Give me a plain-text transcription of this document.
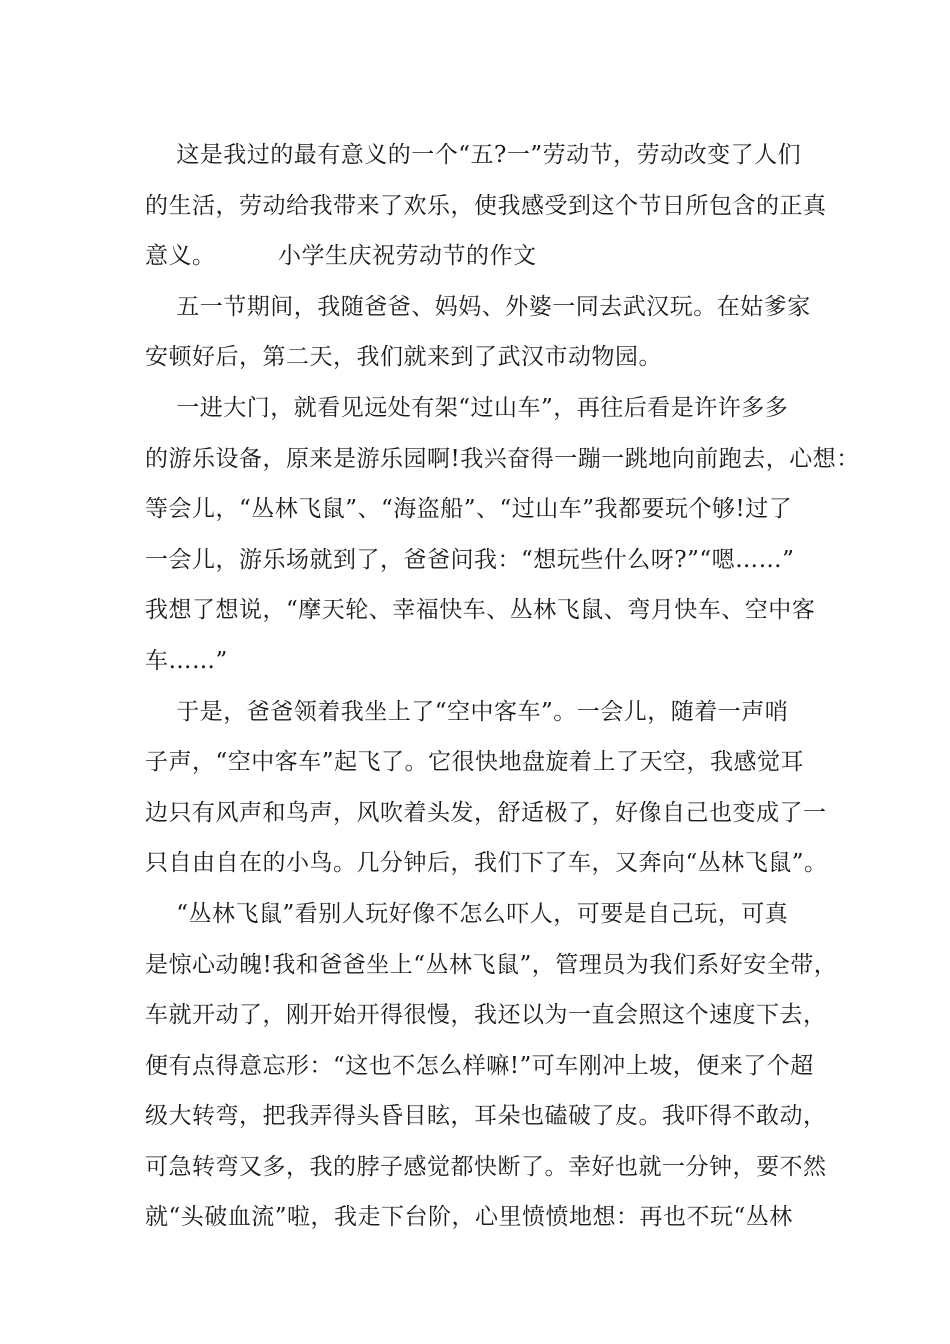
这是我过的最有意义的一个“五?一”劳动节，劳动改变了人们
的生活，劳动给我带来了欢乐，使我感受到这个节日所包含的正真
意义。        小学生庆祝劳动节的作文
五一节期间，我随爸爸、妈妈、外婆一同去武汉玩。在姑爹家
安顿好后，第二天，我们就来到了武汉市动物园。
一进大门，就看见远处有架“过山车”，再往后看是许许多多
的游乐设备，原来是游乐园啊!我兴奋得一蹦一跳地向前跑去，心想：
等会儿，“丛林飞鼠”、“海盗船”、“过山车”我都要玩个够!过了
一会儿，游乐场就到了，爸爸问我：“想玩些什么呀?”“嗯……”
我想了想说，“摩天轮、幸福快车、丛林飞鼠、弯月快车、空中客
车……”
于是，爸爸领着我坐上了“空中客车”。一会儿，随着一声哨
子声，“空中客车”起飞了。它很快地盘旋着上了天空，我感觉耳
边只有风声和鸟声，风吹着头发，舒适极了，好像自己也变成了一
只自由自在的小鸟。几分钟后，我们下了车，又奔向“丛林飞鼠”。
“丛林飞鼠”看别人玩好像不怎么吓人，可要是自己玩，可真
是惊心动魄!我和爸爸坐上“丛林飞鼠”，管理员为我们系好安全带，
车就开动了，刚开始开得很慢，我还以为一直会照这个速度下去，
便有点得意忘形：“这也不怎么样嘛!”可车刚冲上坡，便来了个超
级大转弯，把我弄得头昏目眩，耳朵也磕破了皮。我吓得不敢动，
可急转弯又多，我的脖子感觉都快断了。幸好也就一分钟，要不然
就“头破血流”啦，我走下台阶，心里愤愤地想：再也不玩“丛林
